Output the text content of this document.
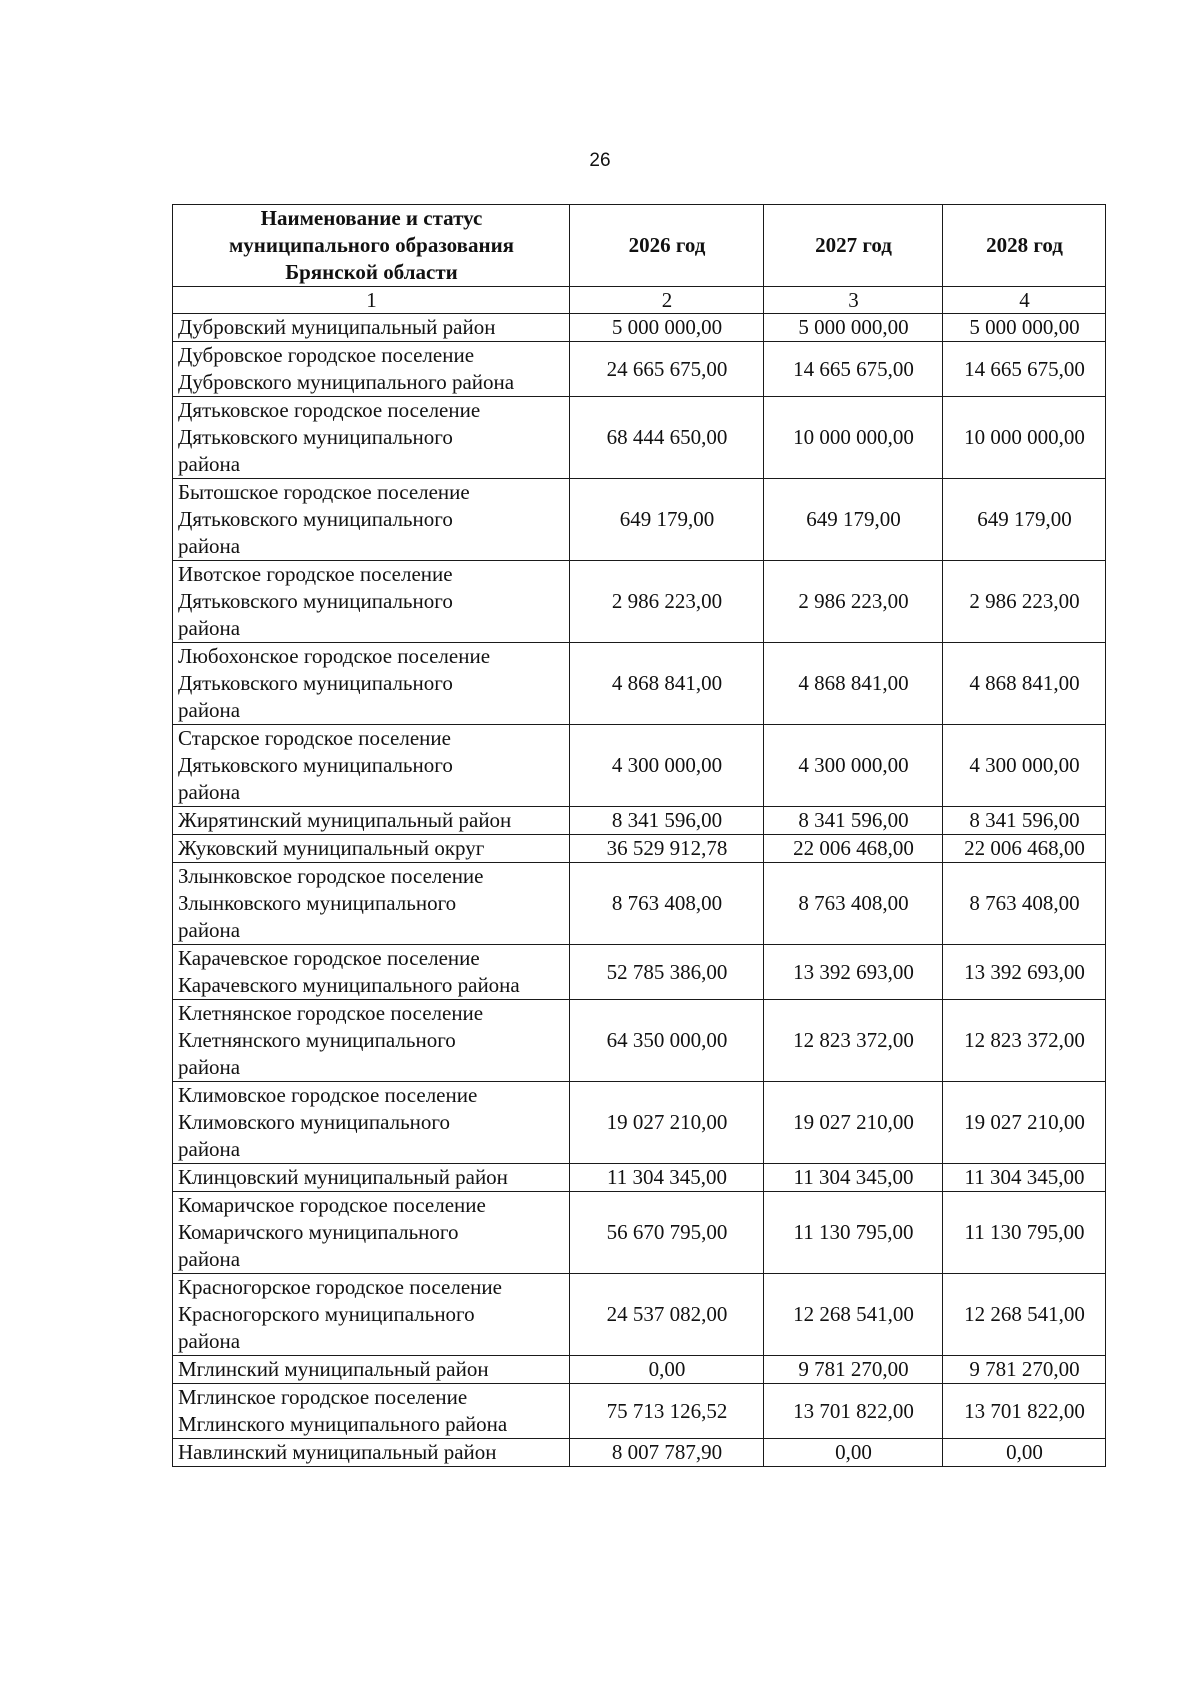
26
Наименование и статус
муниципального образования
Брянской области	2026 год	2027 год	2028 год
1	2	3	4

Дубровский муниципальный район	5 000 000,00	5 000 000,00	5 000 000,00

Дубровское городское поселение
Дубровского муниципального района	24 665 675,00	14 665 675,00	14 665 675,00

Дятьковское городское поселение
Дятьковского муниципального
района	68 444 650,00	10 000 000,00	10 000 000,00

Бытошское городское поселение
Дятьковского муниципального
района	649 179,00	649 179,00	649 179,00

Ивотское городское поселение
Дятьковского муниципального
района	2 986 223,00	2 986 223,00	2 986 223,00

Любохонское городское поселение
Дятьковского муниципального
района	4 868 841,00	4 868 841,00	4 868 841,00

Старское городское поселение
Дятьковского муниципального
района	4 300 000,00	4 300 000,00	4 300 000,00

Жирятинский муниципальный район	8 341 596,00	8 341 596,00	8 341 596,00

Жуковский муниципальный округ	36 529 912,78	22 006 468,00	22 006 468,00

Злынковское городское поселение
Злынковского муниципального
района	8 763 408,00	8 763 408,00	8 763 408,00

Карачевское городское поселение
Карачевского муниципального района	52 785 386,00	13 392 693,00	13 392 693,00

Клетнянское городское поселение
Клетнянского муниципального
района	64 350 000,00	12 823 372,00	12 823 372,00

Климовское городское поселение
Климовского муниципального
района	19 027 210,00	19 027 210,00	19 027 210,00

Клинцовский муниципальный район	11 304 345,00	11 304 345,00	11 304 345,00

Комаричское городское поселение
Комаричского муниципального
района	56 670 795,00	11 130 795,00	11 130 795,00

Красногорское городское поселение
Красногорского муниципального
района	24 537 082,00	12 268 541,00	12 268 541,00

Мглинский муниципальный район	0,00	9 781 270,00	9 781 270,00

Мглинское городское поселение
Мглинского муниципального района	75 713 126,52	13 701 822,00	13 701 822,00

Навлинский муниципальный район	8 007 787,90	0,00	0,00
